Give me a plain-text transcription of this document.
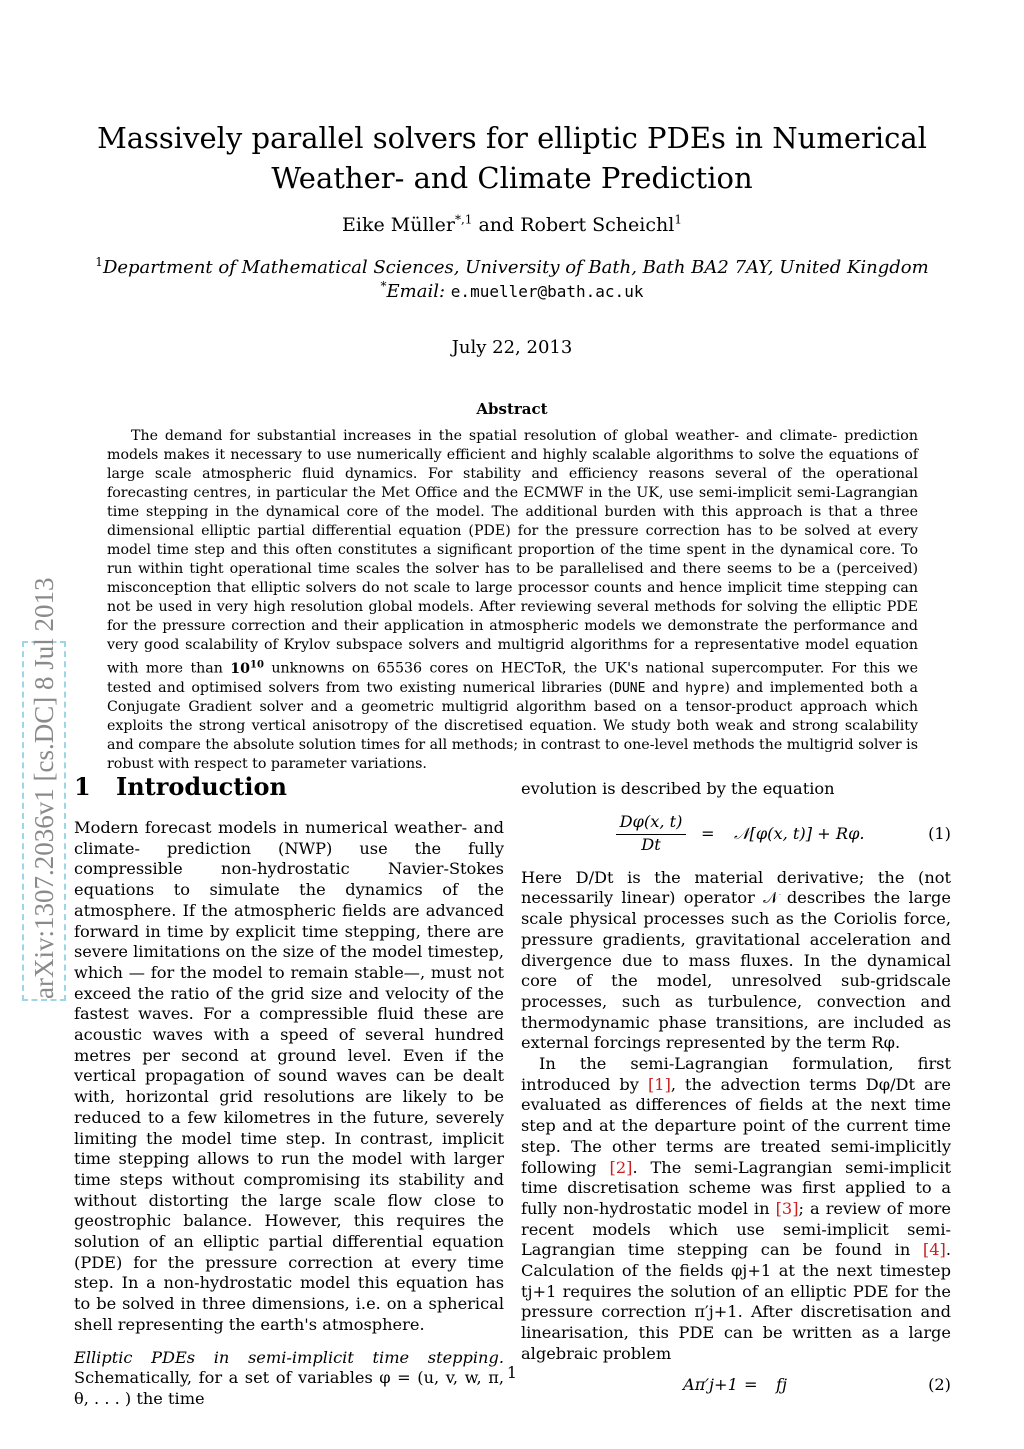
arXiv:1307.2036v1 [cs.DC] 8 Jul 2013
Massively parallel solvers for elliptic PDEs in Numerical Weather- and Climate Prediction
Eike Müller$^{*,1}$ and Robert Scheichl$^1$
$^1$Department of Mathematical Sciences, University of Bath, Bath BA2 7AY, United Kingdom
*Email: e.mueller@bath.ac.uk
July 22, 2013
Abstract

The demand for substantial increases in the spatial resolution of global weather- and climate- prediction models makes it necessary to use numerically efficient and highly scalable algorithms to solve the equations of large scale atmospheric fluid dynamics. For stability and efficiency reasons several of the operational forecasting centres, in particular the Met Office and the ECMWF in the UK, use semi-implicit semi-Lagrangian time stepping in the dynamical core of the model. The additional burden with this approach is that a three dimensional elliptic partial differential equation (PDE) for the pressure correction has to be solved at every model time step and this often constitutes a significant proportion of the time spent in the dynamical core. To run within tight operational time scales the solver has to be parallelised and there seems to be a (perceived) misconception that elliptic solvers do not scale to large processor counts and hence implicit time stepping can not be used in very high resolution global models. After reviewing several methods for solving the elliptic PDE for the pressure correction and their application in atmospheric models we demonstrate the performance and very good scalability of Krylov subspace solvers and multigrid algorithms for a representative model equation with more than $10^{10}$ unknowns on 65536 cores on HECToR, the UK's national supercomputer. For this we tested and optimised solvers from two existing numerical libraries (DUNE and hypre) and implemented both a Conjugate Gradient solver and a geometric multigrid algorithm based on a tensor-product approach which exploits the strong vertical anisotropy of the discretised equation. We study both weak and strong scalability and compare the absolute solution times for all methods; in contrast to one-level methods the multigrid solver is robust with respect to parameter variations.

1 Introduction

Modern forecast models in numerical weather- and climate- prediction (NWP) use the fully compressible non-hydrostatic Navier-Stokes equations to simulate the dynamics of the atmosphere. If the atmospheric fields are advanced forward in time by explicit time stepping, there are severe limitations on the size of the model timestep, which — for the model to remain stable—, must not exceed the ratio of the grid size and velocity of the fastest waves. For a compressible fluid these are acoustic waves with a speed of several hundred metres per second at ground level. Even if the vertical propagation of sound waves can be dealt with, horizontal grid resolutions are likely to be reduced to a few kilometres in the future, severely limiting the model time step. In contrast, implicit time stepping allows to run the model with larger time steps without compromising its stability and without distorting the large scale flow close to geostrophic balance. However, this requires the solution of an elliptic partial differential equation (PDE) for the pressure correction at every time step. In a non-hydrostatic model this equation has to be solved in three dimensions, i.e. on a spherical shell representing the earth's atmosphere.

Elliptic PDEs in semi-implicit time stepping. Schematically, for a set of variables φ = (u, v, w, π, θ, . . . ) the time

evolution is described by the equation

$\frac{D\varphi(x, t)}{Dt}$ = 𝒩[φ(x, t)] + Rφ.	(1)

Here D/Dt is the material derivative; the (not necessarily linear) operator 𝒩 describes the large scale physical processes such as the Coriolis force, pressure gradients, gravitational acceleration and divergence due to mass fluxes. In the dynamical core of the model, unresolved sub-gridscale processes, such as turbulence, convection and thermodynamic phase transitions, are included as external forcings represented by the term Rφ.

In the semi-Lagrangian formulation, first introduced by [1], the advection terms Dφ/Dt are evaluated as differences of fields at the next time step and at the departure point of the current time step. The other terms are treated semi-implicitly following [2]. The semi-Lagrangian semi-implicit time discretisation scheme was first applied to a fully non-hydrostatic model in [3]; a review of more recent models which use semi-implicit semi-Lagrangian time stepping can be found in [4]. Calculation of the fields φj+1 at the next timestep tj+1 requires the solution of an elliptic PDE for the pressure correction π′j+1. After discretisation and linearisation, this PDE can be written as a large algebraic problem

Aπ′j+1 = fj	(2)
1
